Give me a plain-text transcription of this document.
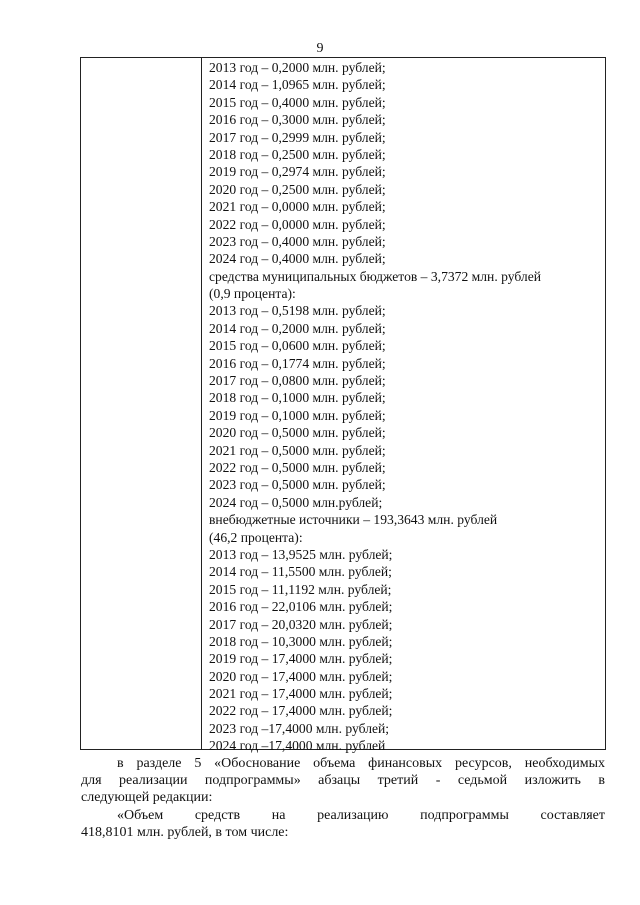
9
2013 год – 0,2000 млн. рублей;
2014 год – 1,0965 млн. рублей;
2015 год – 0,4000 млн. рублей;
2016 год – 0,3000 млн. рублей;
2017 год – 0,2999 млн. рублей;
2018 год – 0,2500 млн. рублей;
2019 год – 0,2974 млн. рублей;
2020 год – 0,2500 млн. рублей;
2021 год – 0,0000 млн. рублей;
2022 год – 0,0000 млн. рублей;
2023 год – 0,4000 млн. рублей;
2024 год – 0,4000 млн. рублей;
средства муниципальных бюджетов – 3,7372 млн. рублей
(0,9 процента):
2013 год – 0,5198 млн. рублей;
2014 год – 0,2000 млн. рублей;
2015 год – 0,0600 млн. рублей;
2016 год – 0,1774 млн. рублей;
2017 год – 0,0800 млн. рублей;
2018 год – 0,1000 млн. рублей;
2019 год – 0,1000 млн. рублей;
2020 год – 0,5000 млн. рублей;
2021 год – 0,5000 млн. рублей;
2022 год – 0,5000 млн. рублей;
2023 год – 0,5000 млн. рублей;
2024 год – 0,5000 млн.рублей;
внебюджетные источники – 193,3643 млн. рублей
(46,2 процента):
2013 год – 13,9525 млн. рублей;
2014 год – 11,5500 млн. рублей;
2015 год – 11,1192 млн. рублей;
2016 год – 22,0106 млн. рублей;
2017 год – 20,0320 млн. рублей;
2018 год – 10,3000 млн. рублей;
2019 год – 17,4000 млн. рублей;
2020 год – 17,4000 млн. рублей;
2021 год – 17,4000 млн. рублей;
2022 год – 17,4000 млн. рублей;
2023 год –17,4000 млн. рублей;
2024 год –17,4000 млн. рублей
в разделе 5 «Обоснование объема финансовых ресурсов, необходимых
для реализации подпрограммы» абзацы третий - седьмой изложить в
следующей редакции:
«Объем средств на реализацию подпрограммы составляет
418,8101 млн. рублей, в том числе:
